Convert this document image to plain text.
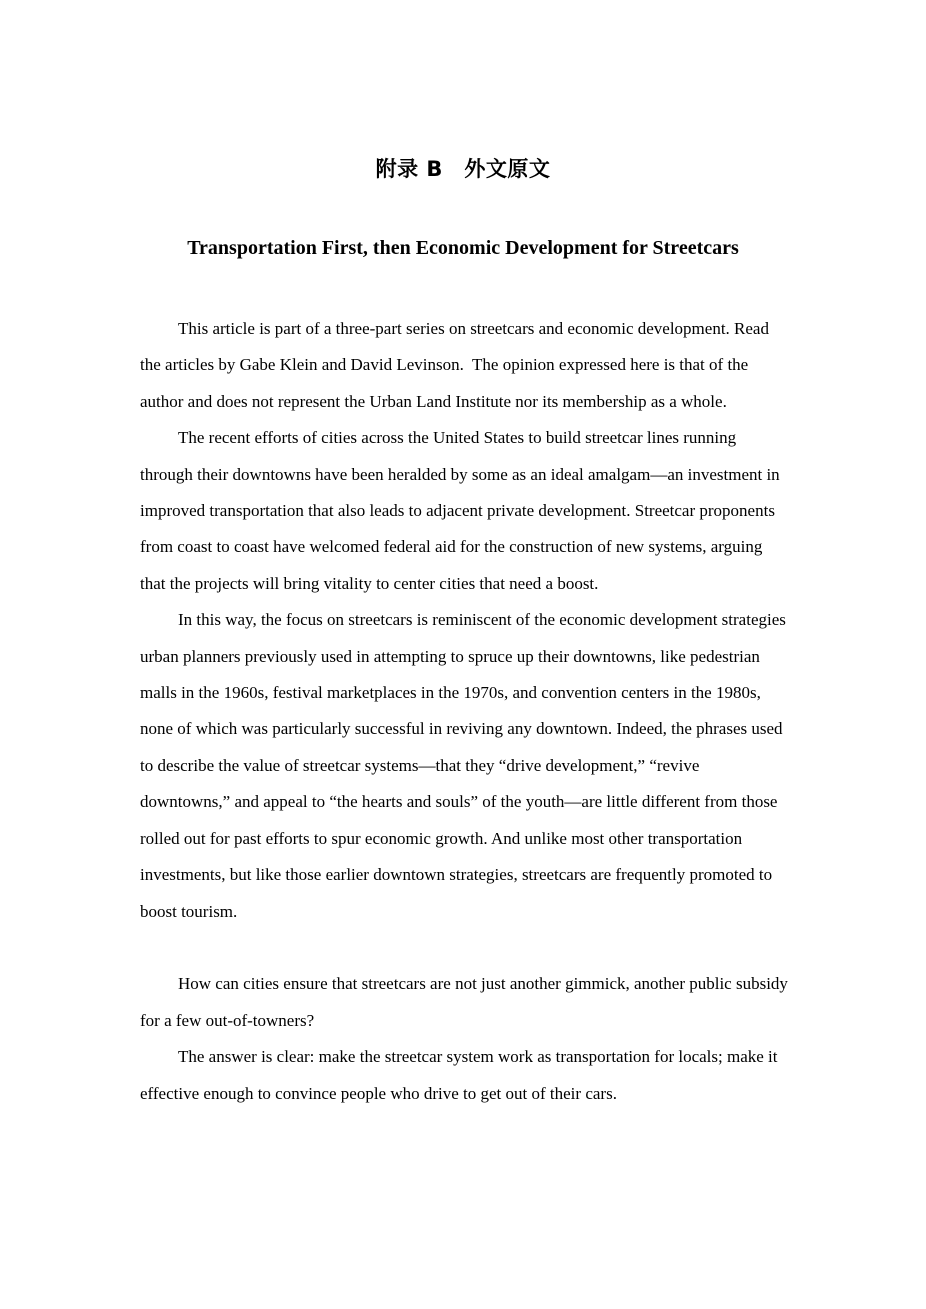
附录 B　外文原文
Transportation First, then Economic Development for Streetcars

This article is part of a three-part series on streetcars and economic development. Read the articles by Gabe Klein and David Levinson.  The opinion expressed here is that of the author and does not represent the Urban Land Institute nor its membership as a whole.

The recent efforts of cities across the United States to build streetcar lines running through their downtowns have been heralded by some as an ideal amalgam—an investment in improved transportation that also leads to adjacent private development. Streetcar proponents from coast to coast have welcomed federal aid for the construction of new systems, arguing that the projects will bring vitality to center cities that need a boost.

In this way, the focus on streetcars is reminiscent of the economic development strategies urban planners previously used in attempting to spruce up their downtowns, like pedestrian malls in the 1960s, festival marketplaces in the 1970s, and convention centers in the 1980s, none of which was particularly successful in reviving any downtown. Indeed, the phrases used to describe the value of streetcar systems—that they “drive development,” “revive downtowns,” and appeal to “the hearts and souls” of the youth—are little different from those rolled out for past efforts to spur economic growth. And unlike most other transportation investments, but like those earlier downtown strategies, streetcars are frequently promoted to boost tourism.

How can cities ensure that streetcars are not just another gimmick, another public subsidy for a few out-of-towners?

The answer is clear: make the streetcar system work as transportation for locals; make it effective enough to convince people who drive to get out of their cars.
